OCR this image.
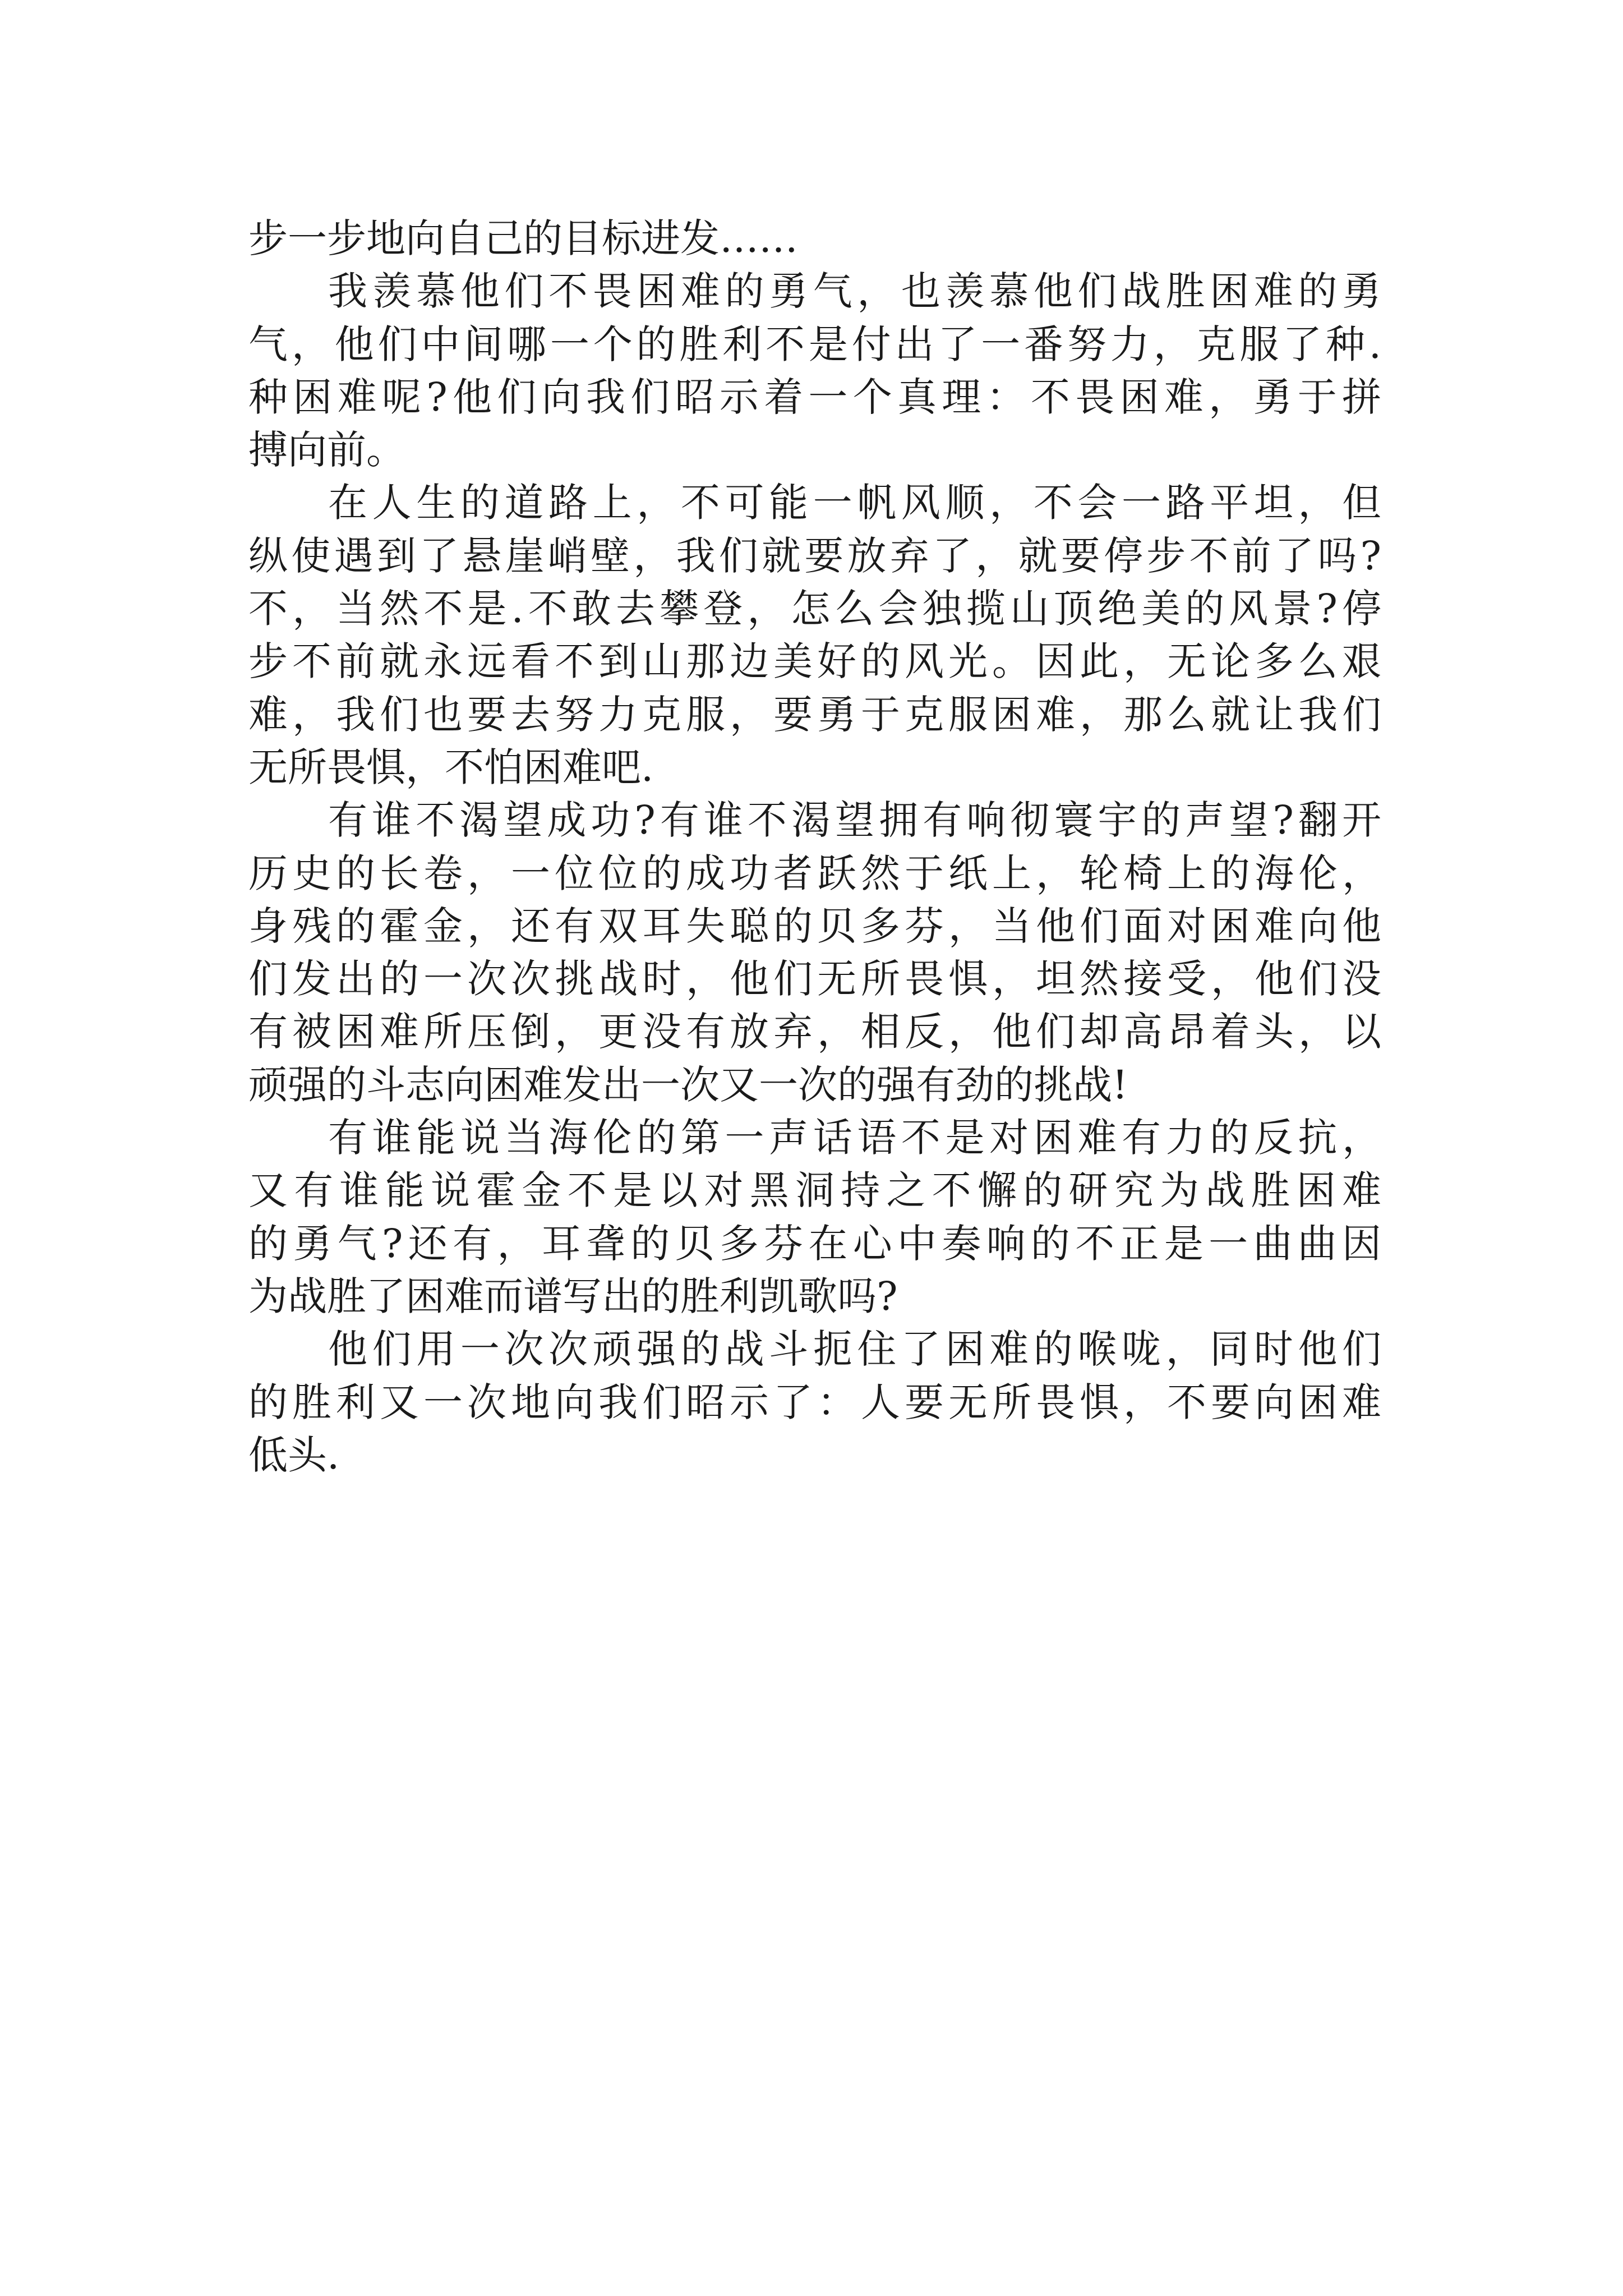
步一步地向自己的目标进发……
我羡慕他们不畏困难的勇气，也羡慕他们战胜困难的勇
气，他们中间哪一个的胜利不是付出了一番努力，克服了种.
种困难呢?他们向我们昭示着一个真理：不畏困难，勇于拼
搏向前。
在人生的道路上，不可能一帆风顺，不会一路平坦，但
纵使遇到了悬崖峭壁，我们就要放弃了，就要停步不前了吗?
不，当然不是.不敢去攀登，怎么会独揽山顶绝美的风景?停
步不前就永远看不到山那边美好的风光。因此，无论多么艰
难，我们也要去努力克服，要勇于克服困难，那么就让我们
无所畏惧，不怕困难吧.
有谁不渴望成功?有谁不渴望拥有响彻寰宇的声望?翻开
历史的长卷，一位位的成功者跃然于纸上，轮椅上的海伦，
身残的霍金，还有双耳失聪的贝多芬，当他们面对困难向他
们发出的一次次挑战时，他们无所畏惧，坦然接受，他们没
有被困难所压倒，更没有放弃，相反，他们却高昂着头，以
顽强的斗志向困难发出一次又一次的强有劲的挑战!
有谁能说当海伦的第一声话语不是对困难有力的反抗，
又有谁能说霍金不是以对黑洞持之不懈的研究为战胜困难
的勇气?还有，耳聋的贝多芬在心中奏响的不正是一曲曲因
为战胜了困难而谱写出的胜利凯歌吗?
他们用一次次顽强的战斗扼住了困难的喉咙，同时他们
的胜利又一次地向我们昭示了：人要无所畏惧，不要向困难
低头.
